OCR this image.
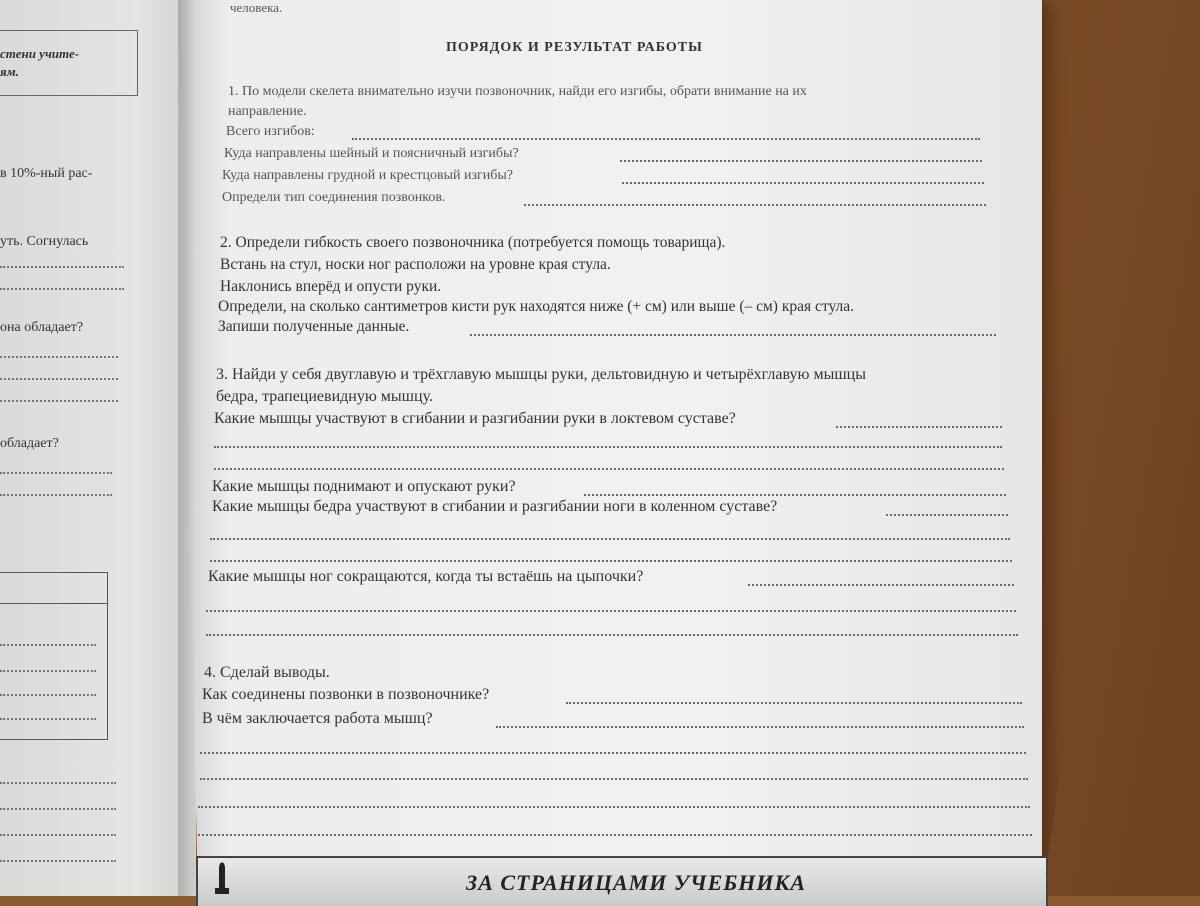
стени учите-
ям.
в 10%-ный рас-
уть. Согнулась
она обладает?
обладает?
человека.
ПОРЯДОК И РЕЗУЛЬТАТ РАБОТЫ
1. По модели скелета внимательно изучи позвоночник, найди его изгибы, обрати внимание на их
направление.
Всего изгибов:
Куда направлены шейный и поясничный изгибы?
Куда направлены грудной и крестцовый изгибы?
Определи тип соединения позвонков.
2. Определи гибкость своего позвоночника (потребуется помощь товарища).
Встань на стул, носки ног расположи на уровне края стула.
Наклонись вперёд и опусти руки.
Определи, на сколько сантиметров кисти рук находятся ниже (+ см) или выше (– см) края стула.
Запиши полученные данные.
3. Найди у себя двуглавую и трёхглавую мышцы руки, дельтовидную и четырёхглавую мышцы
бедра, трапециевидную мышцу.
Какие мышцы участвуют в сгибании и разгибании руки в локтевом суставе?
Какие мышцы поднимают и опускают руки?
Какие мышцы бедра участвуют в сгибании и разгибании ноги в коленном суставе?
Какие мышцы ног сокращаются, когда ты встаёшь на цыпочки?
4. Сделай выводы.
Как соединены позвонки в позвоночнике?
В чём заключается работа мышц?
ЗА СТРАНИЦАМИ УЧЕБНИКА
